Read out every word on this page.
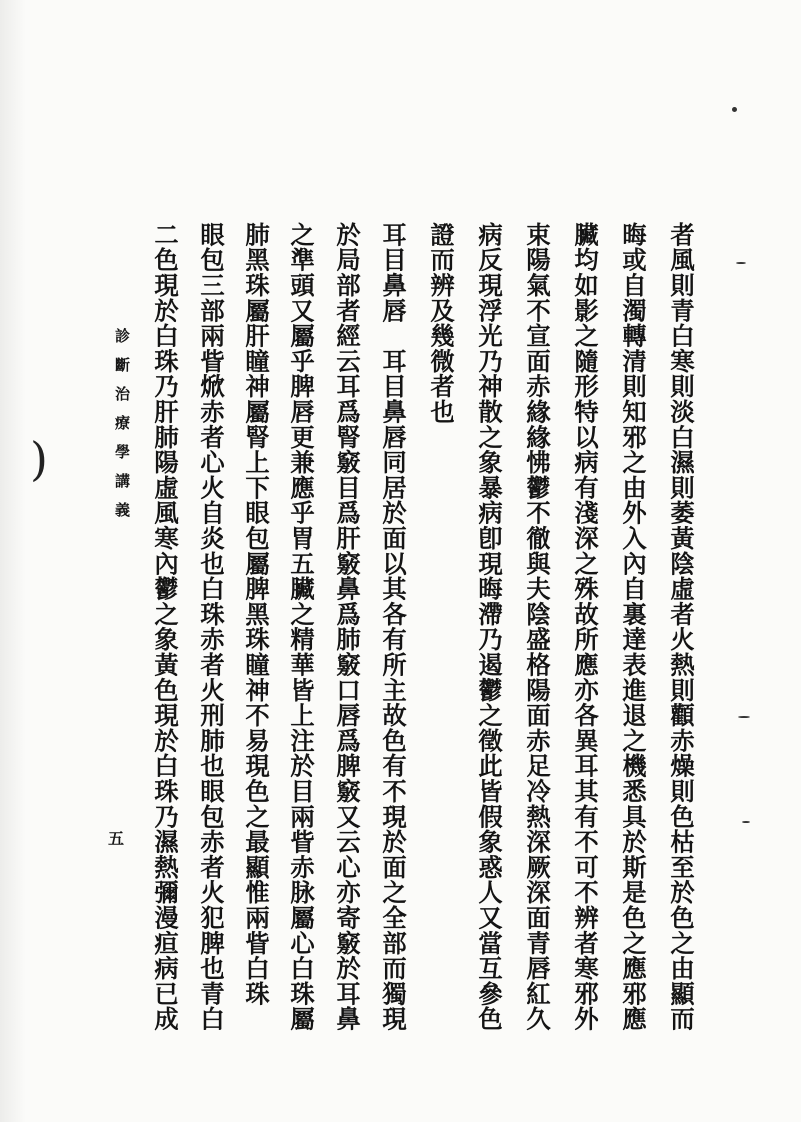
)	者風則青白寒則淡白濕則萎黃陰虛者火熱則顴赤燥則色枯至於色之由顯而
晦或自濁轉清則知邪之由外入內自裏達表進退之機悉具於斯是色之應邪應
臟均如影之隨形特以病有淺深之殊故所應亦各異耳其有不可不辨者寒邪外
束陽氣不宣面赤緣緣怫鬱不徹與夫陰盛格陽面赤足冷熱深厥深面青唇紅久
病反現浮光乃神散之象暴病卽現晦滯乃遏鬱之徵此皆假象惑人又當互參色
證而辨及幾微者也
耳目鼻唇　耳目鼻唇同居於面以其各有所主故色有不現於面之全部而獨現
於局部者經云耳爲腎竅目爲肝竅鼻爲肺竅口唇爲脾竅又云心亦寄竅於耳鼻
之準頭又屬乎脾唇更兼應乎胃五臟之精華皆上注於目兩眥赤脉屬心白珠屬
肺黑珠屬肝瞳神屬腎上下眼包屬脾黑珠瞳神不易現色之最顯惟兩眥白珠
眼包三部兩眥焮赤者心火自炎也白珠赤者火刑肺也眼包赤者火犯脾也青白
二色現於白珠乃肝肺陽虛風寒內鬱之象黃色現於白珠乃濕熱彌漫疸病已成
診斷治療學講義
五
